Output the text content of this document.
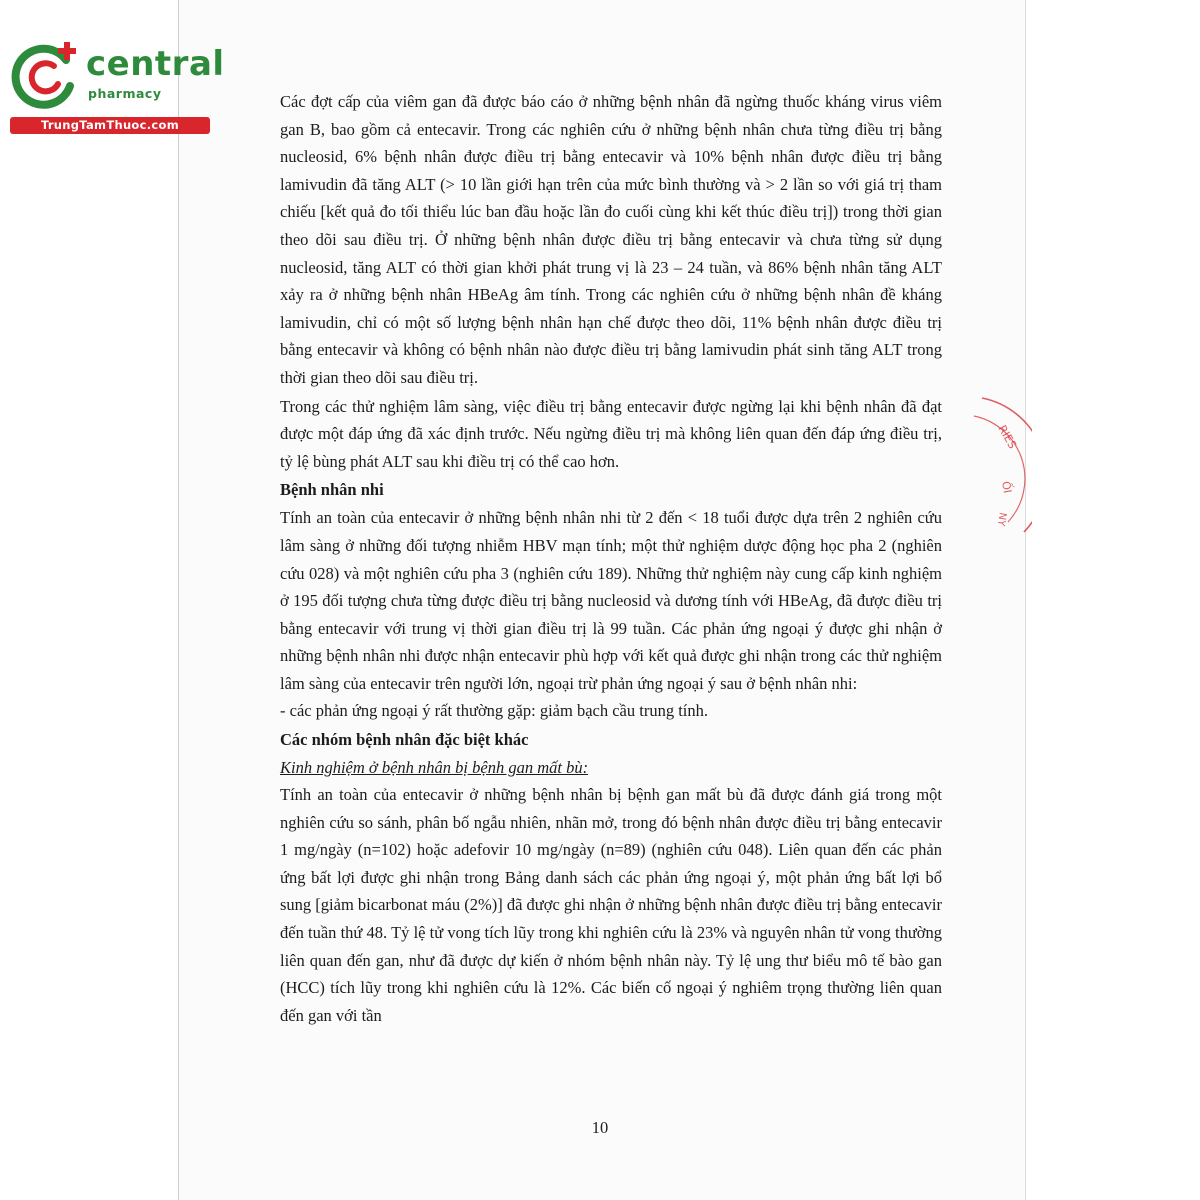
central
pharmacy
TrungTamThuoc.com
RIES
ỐI
NY

Các đợt cấp của viêm gan đã được báo cáo ở những bệnh nhân đã ngừng thuốc kháng virus viêm gan B, bao gồm cả entecavir. Trong các nghiên cứu ở những bệnh nhân chưa từng điều trị bằng nucleosid, 6% bệnh nhân được điều trị bằng entecavir và 10% bệnh nhân được điều trị bằng lamivudin đã tăng ALT (> 10 lần giới hạn trên của mức bình thường và > 2 lần so với giá trị tham chiếu [kết quả đo tối thiểu lúc ban đầu hoặc lần đo cuối cùng khi kết thúc điều trị]) trong thời gian theo dõi sau điều trị. Ở những bệnh nhân được điều trị bằng entecavir và chưa từng sử dụng nucleosid, tăng ALT có thời gian khởi phát trung vị là 23 – 24 tuần, và 86% bệnh nhân tăng ALT xảy ra ở những bệnh nhân HBeAg âm tính. Trong các nghiên cứu ở những bệnh nhân đề kháng lamivudin, chỉ có một số lượng bệnh nhân hạn chế được theo dõi, 11% bệnh nhân được điều trị bằng entecavir và không có bệnh nhân nào được điều trị bằng lamivudin phát sinh tăng ALT trong thời gian theo dõi sau điều trị.

Trong các thử nghiệm lâm sàng, việc điều trị bằng entecavir được ngừng lại khi bệnh nhân đã đạt được một đáp ứng đã xác định trước. Nếu ngừng điều trị mà không liên quan đến đáp ứng điều trị, tỷ lệ bùng phát ALT sau khi điều trị có thể cao hơn.

Bệnh nhân nhi

Tính an toàn của entecavir ở những bệnh nhân nhi từ 2 đến < 18 tuổi được dựa trên 2 nghiên cứu lâm sàng ở những đối tượng nhiễm HBV mạn tính; một thử nghiệm dược động học pha 2 (nghiên cứu 028) và một nghiên cứu pha 3 (nghiên cứu 189). Những thử nghiệm này cung cấp kinh nghiệm ở 195 đối tượng chưa từng được điều trị bằng nucleosid và dương tính với HBeAg, đã được điều trị bằng entecavir với trung vị thời gian điều trị là 99 tuần. Các phản ứng ngoại ý được ghi nhận ở những bệnh nhân nhi được nhận entecavir phù hợp với kết quả được ghi nhận trong các thử nghiệm lâm sàng của entecavir trên người lớn, ngoại trừ phản ứng ngoại ý sau ở bệnh nhân nhi:

- các phản ứng ngoại ý rất thường gặp: giảm bạch cầu trung tính.

Các nhóm bệnh nhân đặc biệt khác

Kinh nghiệm ở bệnh nhân bị bệnh gan mất bù:

Tính an toàn của entecavir ở những bệnh nhân bị bệnh gan mất bù đã được đánh giá trong một nghiên cứu so sánh, phân bố ngẫu nhiên, nhãn mở, trong đó bệnh nhân được điều trị bằng entecavir 1 mg/ngày (n=102) hoặc adefovir 10 mg/ngày (n=89) (nghiên cứu 048). Liên quan đến các phản ứng bất lợi được ghi nhận trong Bảng danh sách các phản ứng ngoại ý, một phản ứng bất lợi bổ sung [giảm bicarbonat máu (2%)] đã được ghi nhận ở những bệnh nhân được điều trị bằng entecavir đến tuần thứ 48. Tỷ lệ tử vong tích lũy trong khi nghiên cứu là 23% và nguyên nhân tử vong thường liên quan đến gan, như đã được dự kiến ở nhóm bệnh nhân này. Tỷ lệ ung thư biểu mô tế bào gan (HCC) tích lũy trong khi nghiên cứu là 12%. Các biến cố ngoại ý nghiêm trọng thường liên quan đến gan với tần

10
